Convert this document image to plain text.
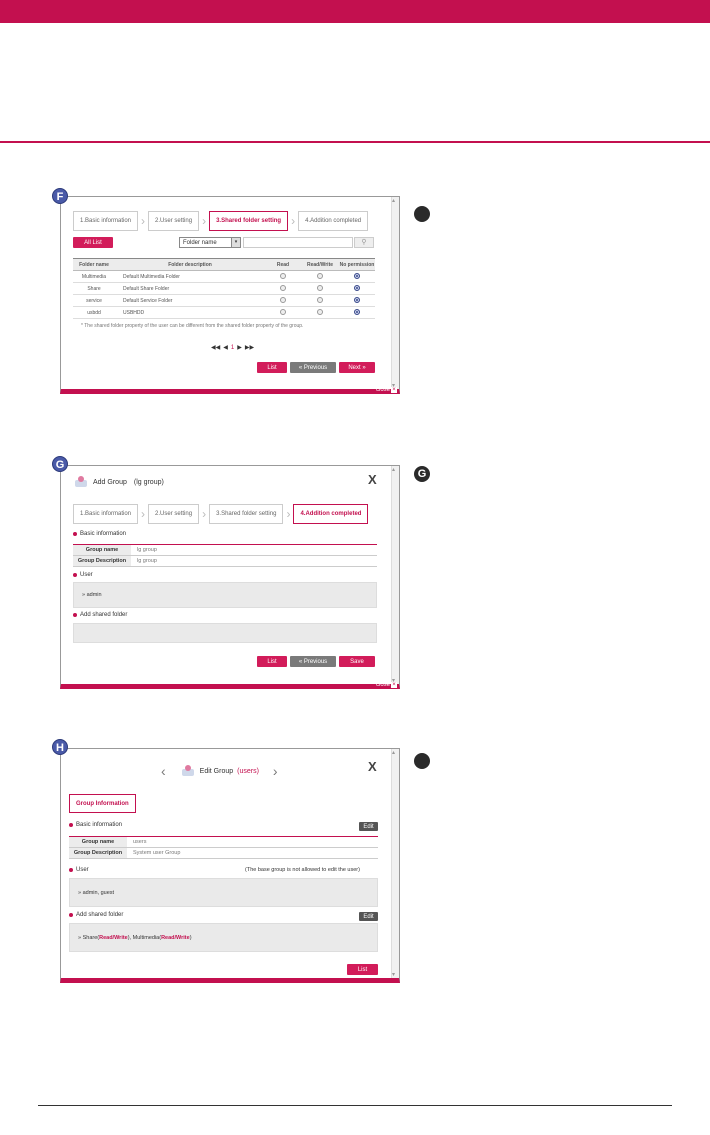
▴ ▾
1.Basic information ›	2.User setting ›	3.Shared folder setting ›	4.Addition completed
All List	Folder name	▾	⚲
Folder name	Folder description	Read	Read/Write	No permission
Multimedia	Default Multimedia Folder			
Share	Default Share Folder			
service	Default Service Folder			
usbdd	USBHDD			
* The shared folder property of the user can be different from the shared folder property of the group.
◀◀ ◀ 1 ▶ ▶▶
List	« Previous	Next »
close ×
F
▴ ▾
Add Group (lg group)	X
1.Basic information ›	2.User setting ›	3.Shared folder setting ›	4.Addition completed
Basic information
Group name	lg group
Group Description	lg group
User
» admin
Add shared folder
List	« Previous	Save
close ×
G
G
▴ ▾
‹	Edit Group (users) ›	X
Group Information
Basic information	Edit
Group name	users
Group Description	System user Group
User	(The base group is not allowed to edit the user)
» admin, guest
Add shared folder	Edit
» Share( Read/Write ), Multimedia( Read/Write )
List
H
